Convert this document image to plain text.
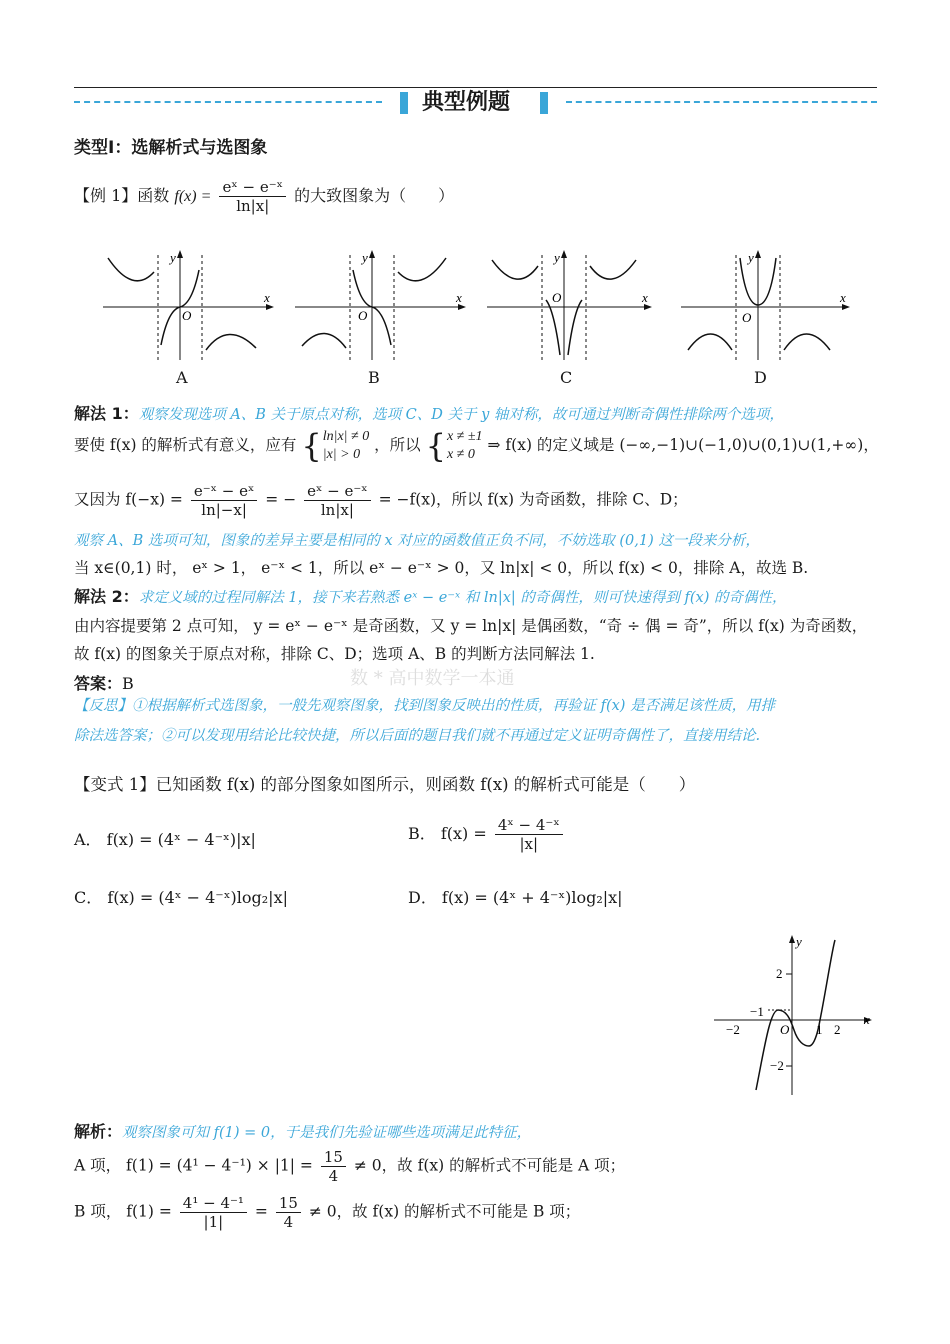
典型例题
类型Ⅰ：选解析式与选图象
【例 1】函数 $f(x) = \frac{\text{eˣ − e⁻ˣ}}{\ln|x|}$ 的大致图象为（　　）
x
y
O
A
x
y
O
B
x
y
O
C
x
y
O
D
解法 1：观察发现选项 A、B 关于原点对称，选项 C、D 关于 y 轴对称，故可通过判断奇偶性排除两个选项，
要使 f(x) 的解析式有意义，应有 { ln|x| ≠ 0
|x| > 0
，所以 { x ≠ ±1
x ≠ 0
⇒ f(x) 的定义域是 (−∞,−1)∪(−1,0)∪(0,1)∪(1,+∞)，
又因为 $f(-x) = \frac{\text{e⁻ˣ − eˣ}}{\ln|-x|}$ = − $\frac{\text{eˣ − e⁻ˣ}}{\ln|x|} = -f(x)$，所以 f(x) 为奇函数，排除 C、D；
观察 A、B 选项可知，图象的差异主要是相同的 x 对应的函数值正负不同，不妨选取 (0,1) 这一段来分析，
当 x∈(0,1) 时， eˣ > 1， e⁻ˣ < 1，所以 eˣ − e⁻ˣ > 0，又 ln|x| < 0，所以 f(x) < 0，排除 A，故选 B.
解法 2：求定义域的过程同解法 1，接下来若熟悉 eˣ − e⁻ˣ 和 ln|x| 的奇偶性，则可快速得到 f(x) 的奇偶性，
由内容提要第 2 点可知， y = eˣ − e⁻ˣ 是奇函数，又 y = ln|x| 是偶函数，“奇 ÷ 偶 = 奇”，所以 f(x) 为奇函数，
故 f(x) 的图象关于原点对称，排除 C、D；选项 A、B 的判断方法同解法 1.
答案：B	数 * 高中数学一本通
【反思】①根据解析式选图象，一般先观察图象，找到图象反映出的性质，再验证 f(x) 是否满足该性质，用排
除法选答案；②可以发现用结论比较快捷，所以后面的题目我们就不再通过定义证明奇偶性了，直接用结论.
【变式 1】已知函数 f(x) 的部分图象如图所示，则函数 f(x) 的解析式可能是（　　）
A． f(x) = (4ˣ − 4⁻ˣ)|x|	B． $f(x) = \frac{\text{4ˣ − 4⁻ˣ}}{|x|}$
C． f(x) = (4ˣ − 4⁻ˣ)log₂|x|	D． f(x) = (4ˣ + 4⁻ˣ)log₂|x|
y
x
O
−2	1 2
2
−1
−2
解析：观察图象可知 f(1) = 0，于是我们先验证哪些选项满足此特征，
A 项， $f(1) = (4^1 - 4^{-1}) \times |1| = \frac{15}{4} \ne 0$，故 f(x) 的解析式不可能是 A 项；
B 项， $f(1) = \frac{\text{4¹ − 4⁻¹}}{|1|} = \frac{15}{4} \ne 0$，故 f(x) 的解析式不可能是 B 项；
